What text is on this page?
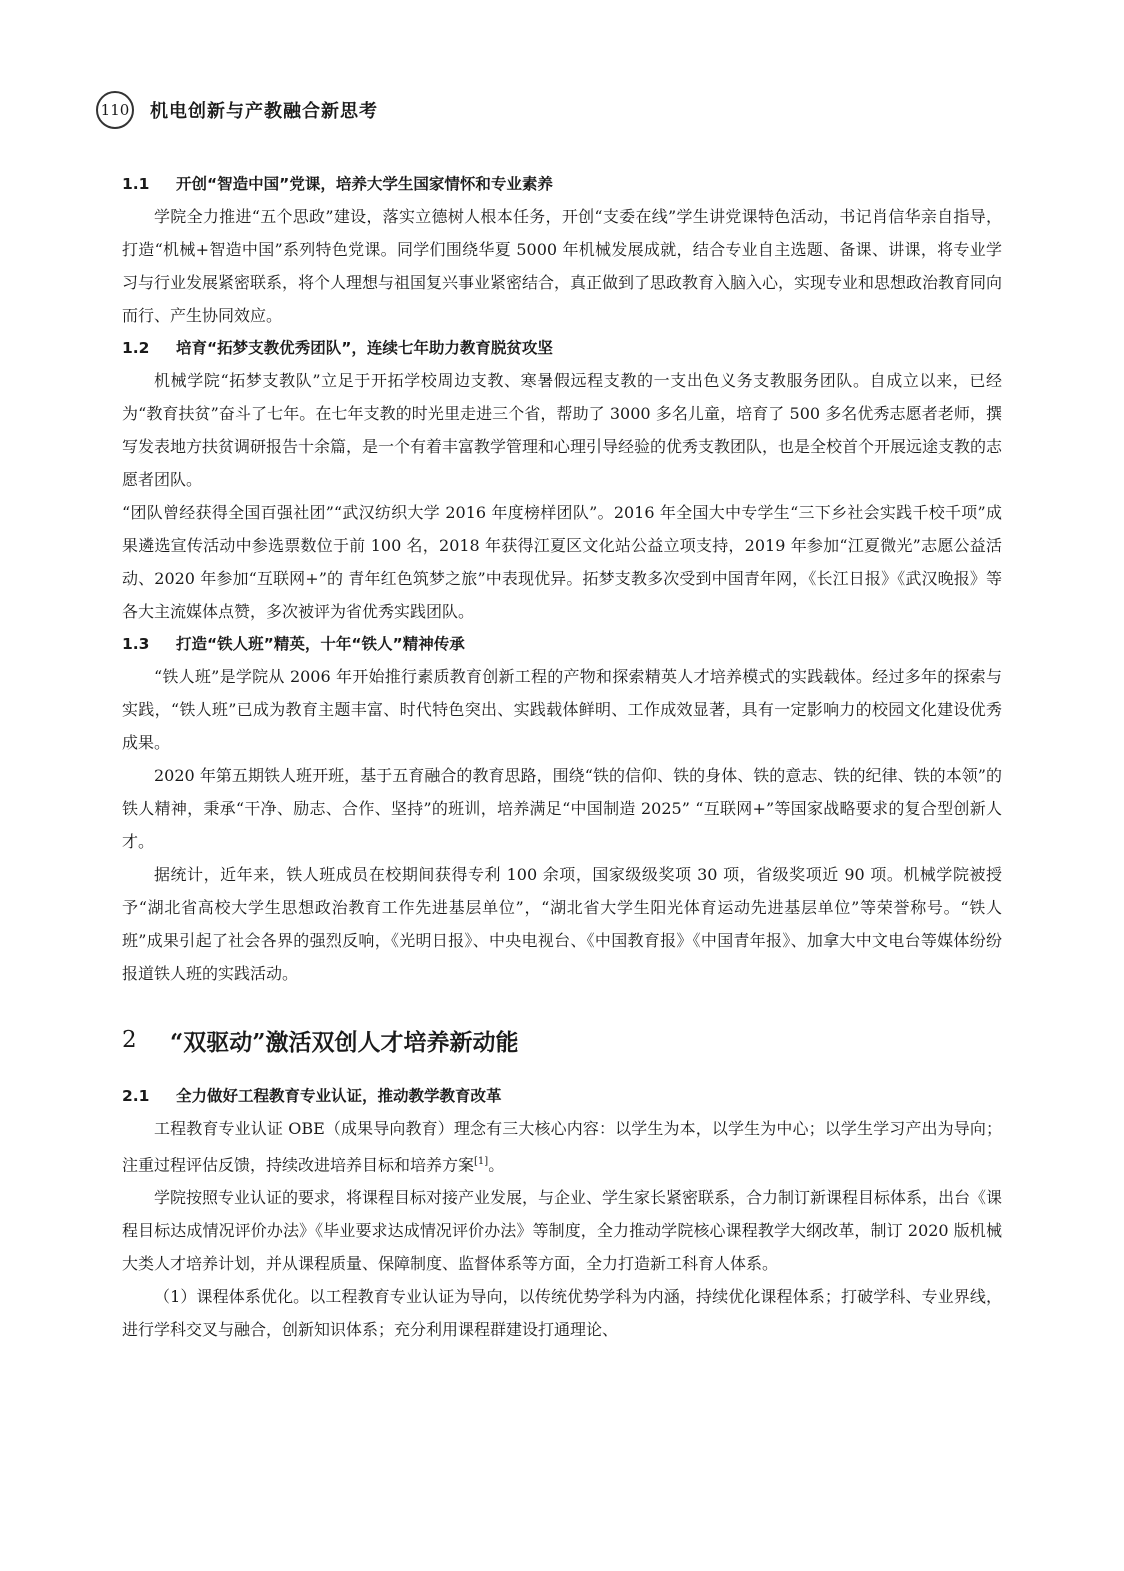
110 机电创新与产教融合新思考
1.1	开创“智造中国”党课，培养大学生国家情怀和专业素养

学院全力推进“五个思政”建设，落实立德树人根本任务，开创“支委在线”学生讲党课特色活动，书记肖信华亲自指导，打造“机械+智造中国”系列特色党课。同学们围绕华夏 5000 年机械发展成就，结合专业自主选题、备课、讲课，将专业学习与行业发展紧密联系，将个人理想与祖国复兴事业紧密结合，真正做到了思政教育入脑入心，实现专业和思想政治教育同向而行、产生协同效应。

1.2	培育“拓梦支教优秀团队”，连续七年助力教育脱贫攻坚

机械学院“拓梦支教队”立足于开拓学校周边支教、寒暑假远程支教的一支出色义务支教服务团队。自成立以来，已经为“教育扶贫”奋斗了七年。在七年支教的时光里走进三个省，帮助了 3000 多名儿童，培育了 500 多名优秀志愿者老师，撰写发表地方扶贫调研报告十余篇，是一个有着丰富教学管理和心理引导经验的优秀支教团队，也是全校首个开展远途支教的志愿者团队。

“团队曾经获得全国百强社团”“武汉纺织大学 2016 年度榜样团队”。2016 年全国大中专学生“三下乡社会实践千校千项”成果遴选宣传活动中参选票数位于前 100 名，2018 年获得江夏区文化站公益立项支持，2019 年参加“江夏微光”志愿公益活动、2020 年参加“互联网+”的 青年红色筑梦之旅”中表现优异。拓梦支教多次受到中国青年网，《长江日报》《武汉晚报》等各大主流媒体点赞，多次被评为省优秀实践团队。

1.3	打造“铁人班”精英，十年“铁人”精神传承

“铁人班”是学院从 2006 年开始推行素质教育创新工程的产物和探索精英人才培养模式的实践载体。经过多年的探索与实践，“铁人班”已成为教育主题丰富、时代特色突出、实践载体鲜明、工作成效显著，具有一定影响力的校园文化建设优秀成果。

2020 年第五期铁人班开班，基于五育融合的教育思路，围绕“铁的信仰、铁的身体、铁的意志、铁的纪律、铁的本领”的铁人精神，秉承“干净、励志、合作、坚持”的班训，培养满足“中国制造 2025” “互联网+”等国家战略要求的复合型创新人才。

据统计，近年来，铁人班成员在校期间获得专利 100 余项，国家级级奖项 30 项，省级奖项近 90 项。机械学院被授予“湖北省高校大学生思想政治教育工作先进基层单位”，“湖北省大学生阳光体育运动先进基层单位”等荣誉称号。“铁人班”成果引起了社会各界的强烈反响，《光明日报》、中央电视台、《中国教育报》《中国青年报》、加拿大中文电台等媒体纷纷报道铁人班的实践活动。

2	“双驱动”激活双创人才培养新动能
2.1	全力做好工程教育专业认证，推动教学教育改革

工程教育专业认证 OBE（成果导向教育）理念有三大核心内容：以学生为本，以学生为中心；以学生学习产出为导向；注重过程评估反馈，持续改进培养目标和培养方案[1]。

学院按照专业认证的要求，将课程目标对接产业发展，与企业、学生家长紧密联系，合力制订新课程目标体系，出台《课程目标达成情况评价办法》《毕业要求达成情况评价办法》等制度，全力推动学院核心课程教学大纲改革，制订 2020 版机械大类人才培养计划，并从课程质量、保障制度、监督体系等方面，全力打造新工科育人体系。

（1）课程体系优化。以工程教育专业认证为导向，以传统优势学科为内涵，持续优化课程体系；打破学科、专业界线，进行学科交叉与融合，创新知识体系；充分利用课程群建设打通理论、
